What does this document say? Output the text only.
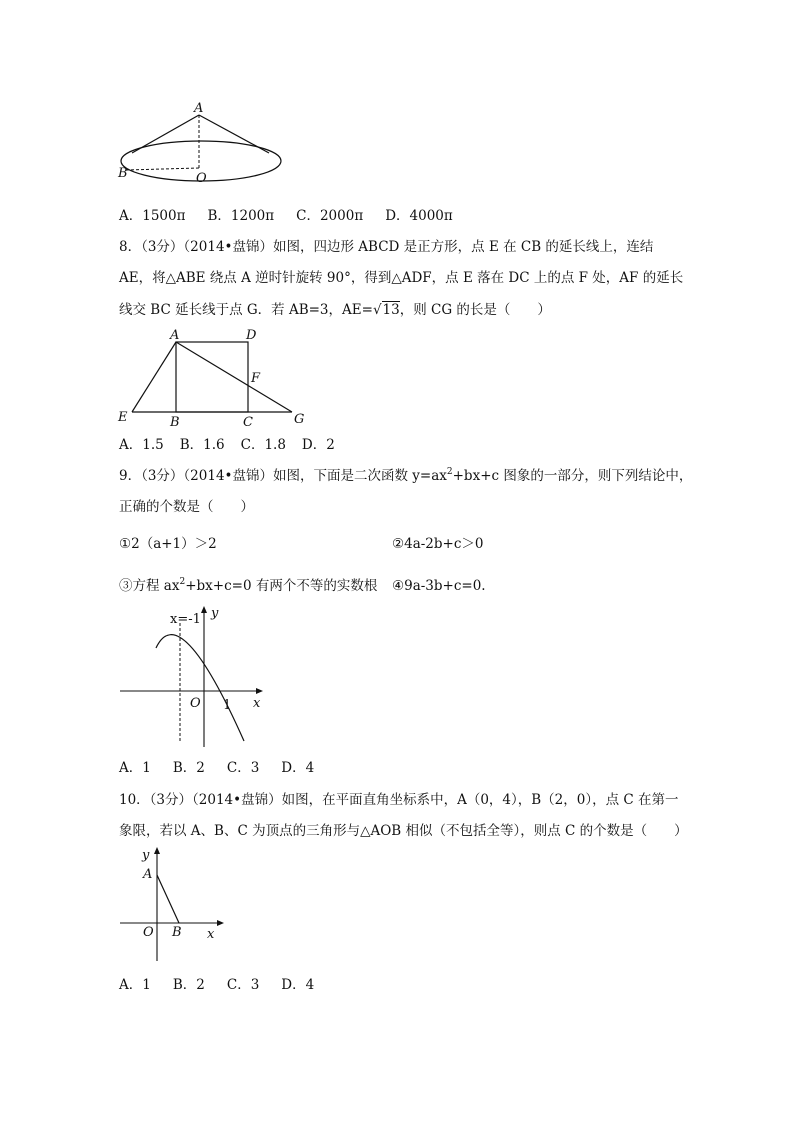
A
B	O
A．1500π B．1200π C．2000π D．4000π
8．（3分）（2014•盘锦）如图，四边形 ABCD 是正方形，点 E 在 CB 的延长线上，连结
AE，将△ABE 绕点 A 逆时针旋转 90°，得到△ADF，点 E 落在 DC 上的点 F 处，AF 的延长
线交 BC 延长线于点 G．若 AB=3，AE=√13，则 CG 的长是（　　）
A	D
F
E	B	C	G
A．1.5 B．1.6 C．1.8 D．2
9．（3分）（2014•盘锦）如图，下面是二次函数 $y=ax^2+bx+c$ 图象的一部分，则下列结论中，
正确的个数是（　　）
①2（a+1）＞2	②4a-2b+c＞0
③方程 $ax^2+bx+c=0$ 有两个不等的实数根 ④9a-3b+c=0.
x=-1 y
x
O 1
A．1 B．2 C．3 D．4
10．（3分）（2014•盘锦）如图，在平面直角坐标系中，A（0，4），B（2，0），点 C 在第一
象限，若以 A、B、C 为顶点的三角形与△AOB 相似（不包括全等），则点 C 的个数是（　　）
y
A
O B x
A．1 B．2 C．3 D．4
